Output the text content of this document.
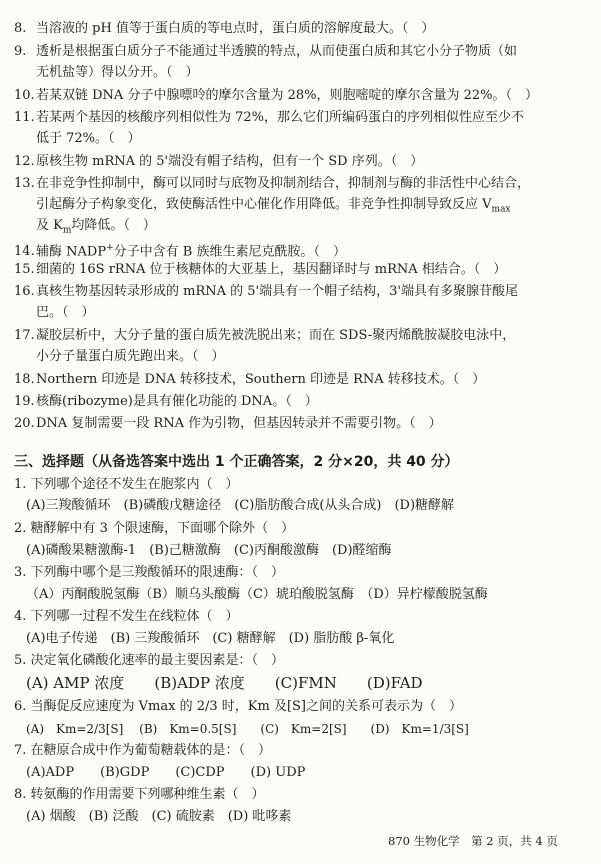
8. 当溶液的 pH 值等于蛋白质的等电点时，蛋白质的溶解度最大。（　）
9. 透析是根据蛋白质分子不能通过半透膜的特点，从而使蛋白质和其它小分子物质（如
无机盐等）得以分开。（　）
10.若某双链 DNA 分子中腺嘌呤的摩尔含量为 28%，则胞嘧啶的摩尔含量为 22%。（　）
11.若某两个基因的核酸序列相似性为 72%，那么它们所编码蛋白的序列相似性应至少不
低于 72%。（　）
12.原核生物 mRNA 的 5'端没有帽子结构，但有一个 SD 序列。（　）
13.在非竞争性抑制中，酶可以同时与底物及抑制剂结合，抑制剂与酶的非活性中心结合，
引起酶分子构象变化，致使酶活性中心催化作用降低。非竞争性抑制导致反应 $V_{max}$
及 $K_m$均降低。（　）
14.辅酶 NADP+分子中含有 B 族维生素尼克酰胺。（　）
15.细菌的 16S rRNA 位于核糖体的大亚基上，基因翻译时与 mRNA 相结合。（　）
16.真核生物基因转录形成的 mRNA 的 5'端具有一个帽子结构，3'端具有多聚腺苷酸尾
巴。（　）
17.凝胶层析中，大分子量的蛋白质先被洗脱出来；而在 SDS-聚丙烯酰胺凝胶电泳中，
小分子量蛋白质先跑出来。（　）
18.Northern 印迹是 DNA 转移技术，Southern 印迹是 RNA 转移技术。（　）
19.核酶(ribozyme)是具有催化功能的 DNA。（　）
20.DNA 复制需要一段 RNA 作为引物，但基因转录并不需要引物。（　）
三、选择题（从备选答案中选出 1 个正确答案，2 分×20，共 40 分）
1. 下列哪个途径不发生在胞浆内（　）
(A)三羧酸循环　(B)磷酸戊糖途径　(C)脂肪酸合成(从头合成)　(D)糖酵解
2. 糖酵解中有 3 个限速酶，下面哪个除外（　）
(A)磷酸果糖激酶-1　(B)己糖激酶　(C)丙酮酸激酶　(D)醛缩酶
3. 下列酶中哪个是三羧酸循环的限速酶：（　）
（A）丙酮酸脱氢酶（B）顺乌头酸酶（C）琥珀酸脱氢酶　（D）异柠檬酸脱氢酶
4. 下列哪一过程不发生在线粒体（　）
(A)电子传递　(B) 三羧酸循环　(C) 糖酵解　(D) 脂肪酸 β-氧化
5. 决定氧化磷酸化速率的最主要因素是：（　）
(A) AMP 浓度　　(B)ADP 浓度　　(C)FMN　　(D)FAD
6. 当酶促反应速度为 Vmax 的 2/3 时，Km 及[S]之间的关系可表示为（　）
(A)　Km=2/3[S]　 (B)　Km=0.5[S]　　(C)　Km=2[S]　　(D)　Km=1/3[S]
7. 在糖原合成中作为葡萄糖载体的是：（　）
(A)ADP　　(B)GDP　　(C)CDP　　(D) UDP
8. 转氨酶的作用需要下列哪种维生素（　）
(A) 烟酸　(B) 泛酸　(C) 硫胺素　(D) 吡哆素
870 生物化学　第 2 页，共 4 页
